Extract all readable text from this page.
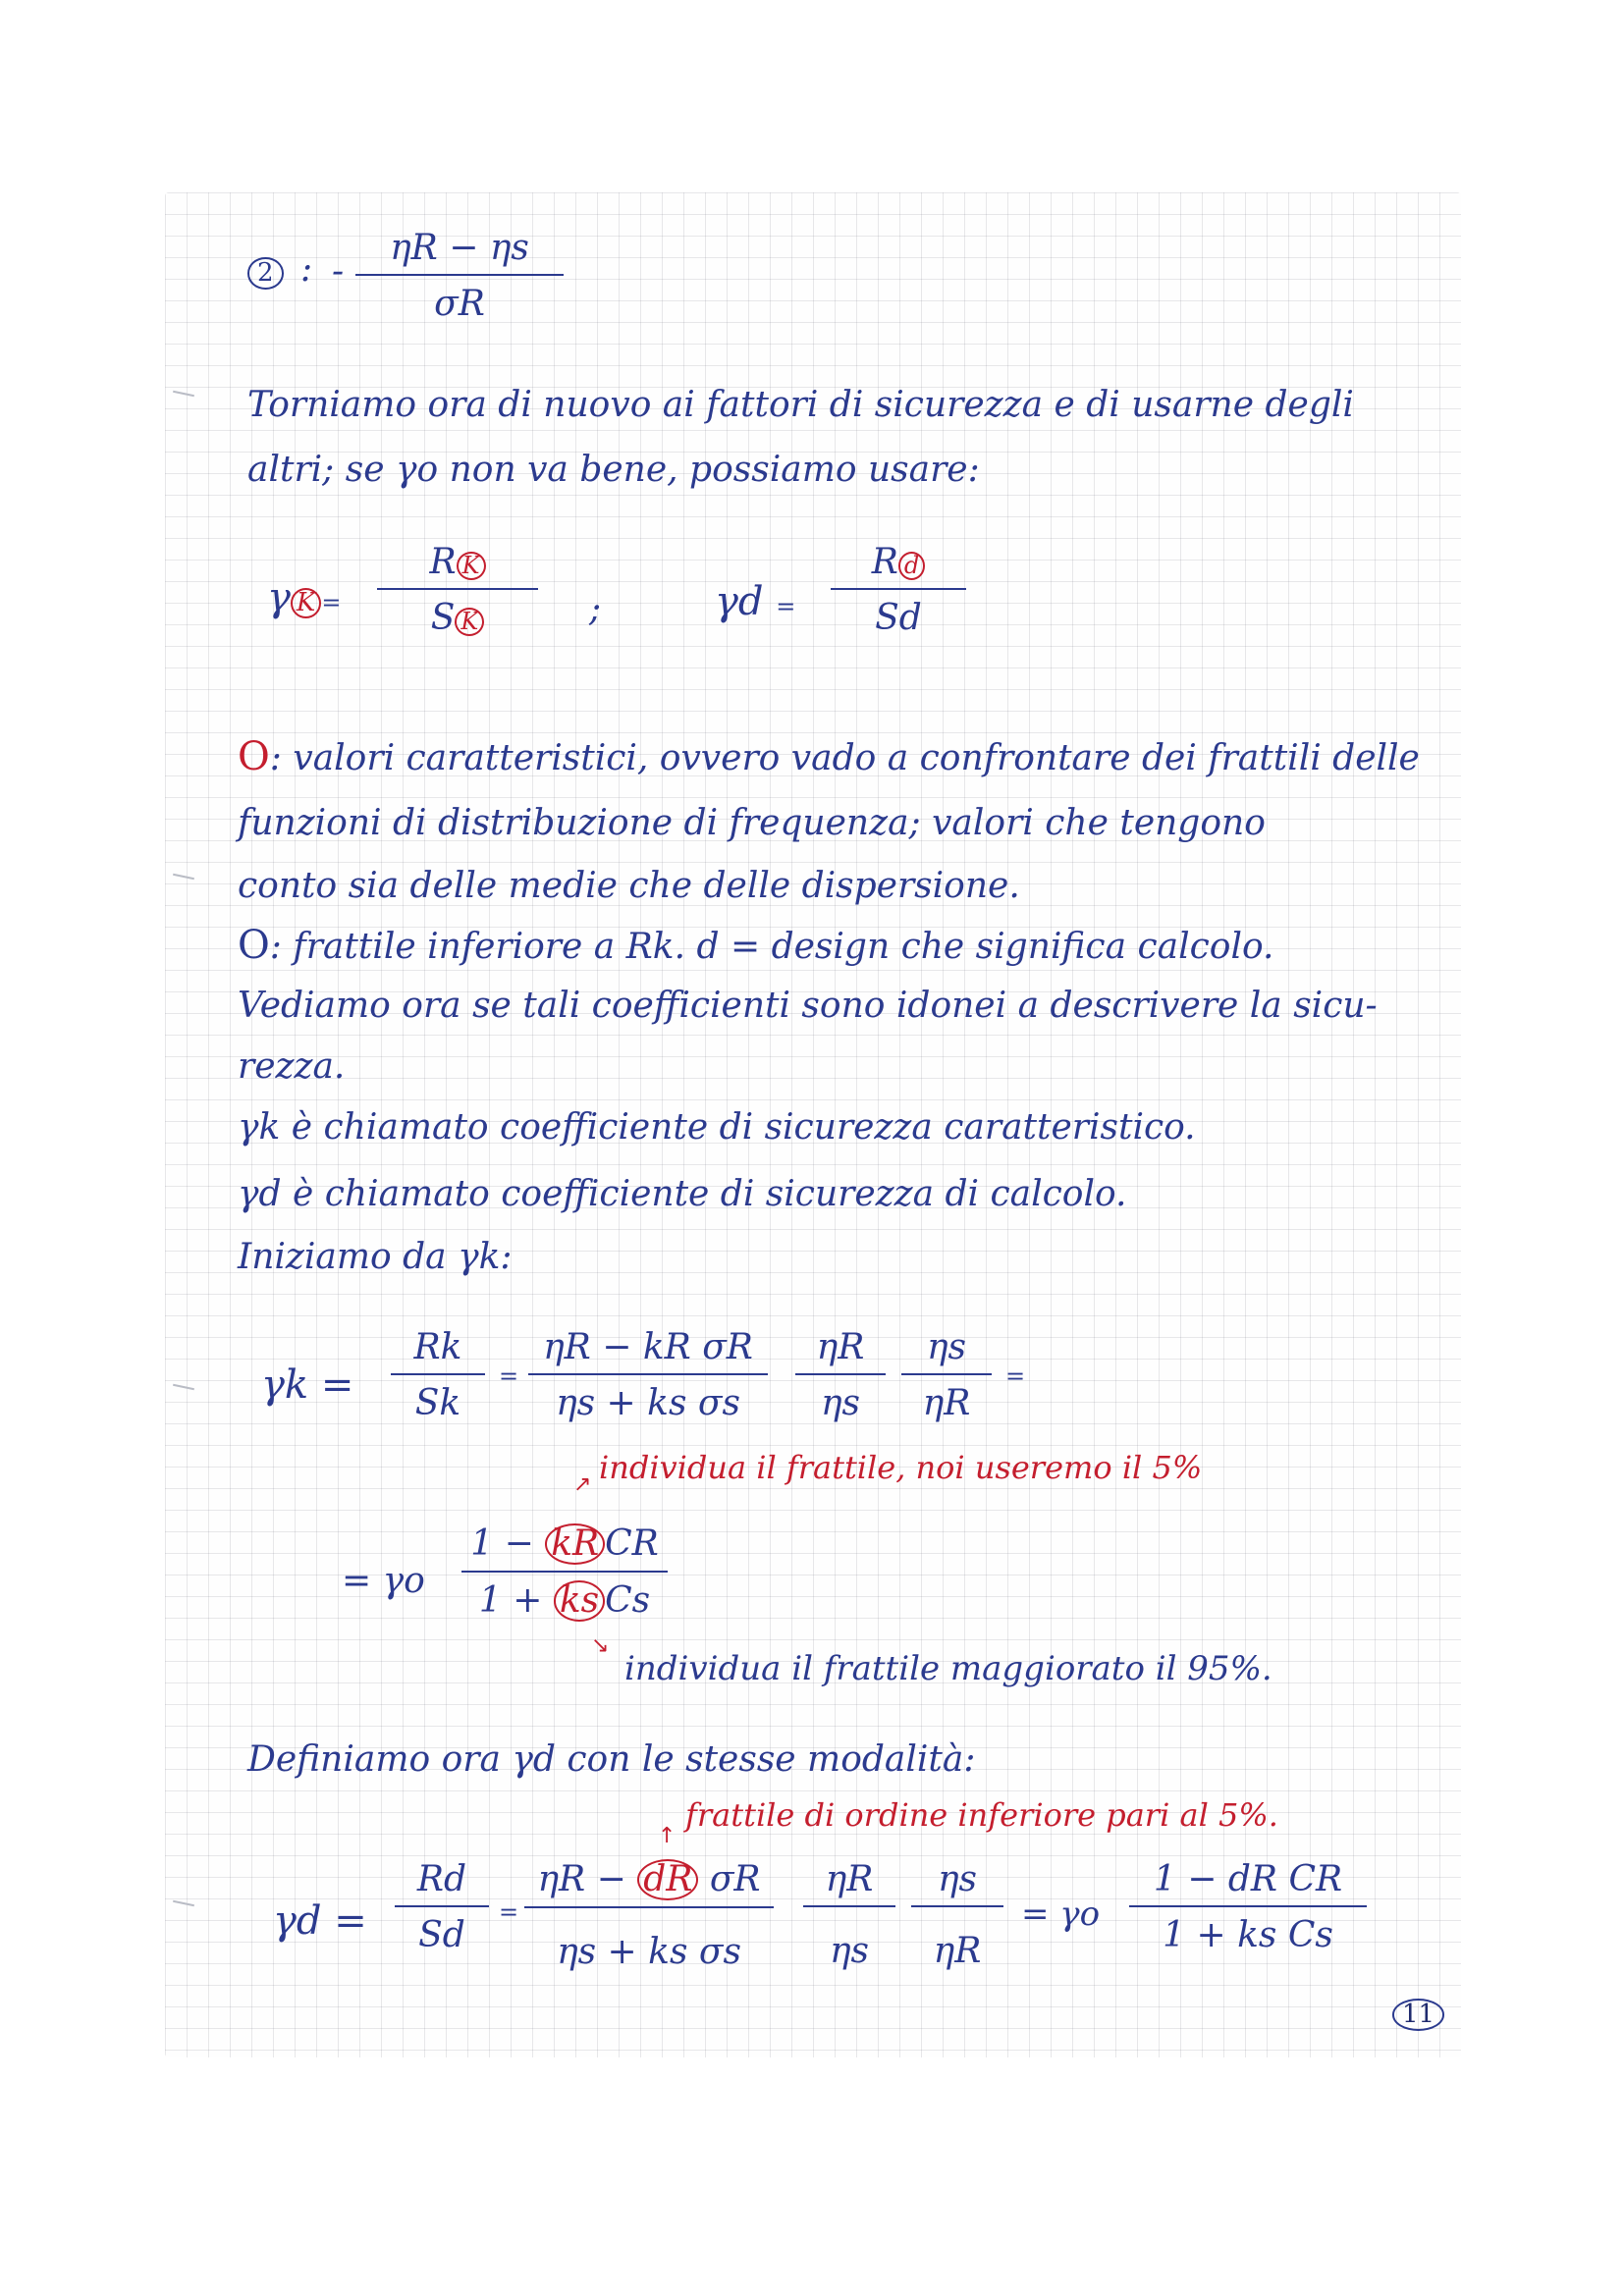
2 : -
ηR − ηs
σR
Torniamo ora di nuovo ai fattori di sicurezza e di usarne degli
altri; se γo non va bene, possiamo usare:
γ K =
R K
S K	;	γd =
R d
Sd
O: valori caratteristici, ovvero vado a confrontare dei frattili delle
funzioni di distribuzione di frequenza; valori che tengono
conto sia delle medie che delle dispersione.
O: frattile inferiore a Rk. d = design che significa calcolo.
Vediamo ora se tali coefficienti sono idonei a descrivere la sicu-
rezza.
γk è chiamato coefficiente di sicurezza caratteristico.
γd è chiamato coefficiente di sicurezza di calcolo.
Iniziamo da γk:
γk =
Rk
Sk
=
ηR − kR σR
ηs + ks σs
ηR
ηs
ηs
ηR
=
individua il frattile, noi useremo il 5%
↗
= γo
1 − kR CR
1 + ks Cs
↘
individua il frattile maggiorato il 95%.
Definiamo ora γd con le stesse modalità:
frattile di ordine inferiore pari al 5%.
↑
γd =
Rd
Sd
=
ηR − dR σR
ηs + ks σs
ηR
ηs
ηs
ηR
= γo
1 − dR CR
1 + ks Cs
11
